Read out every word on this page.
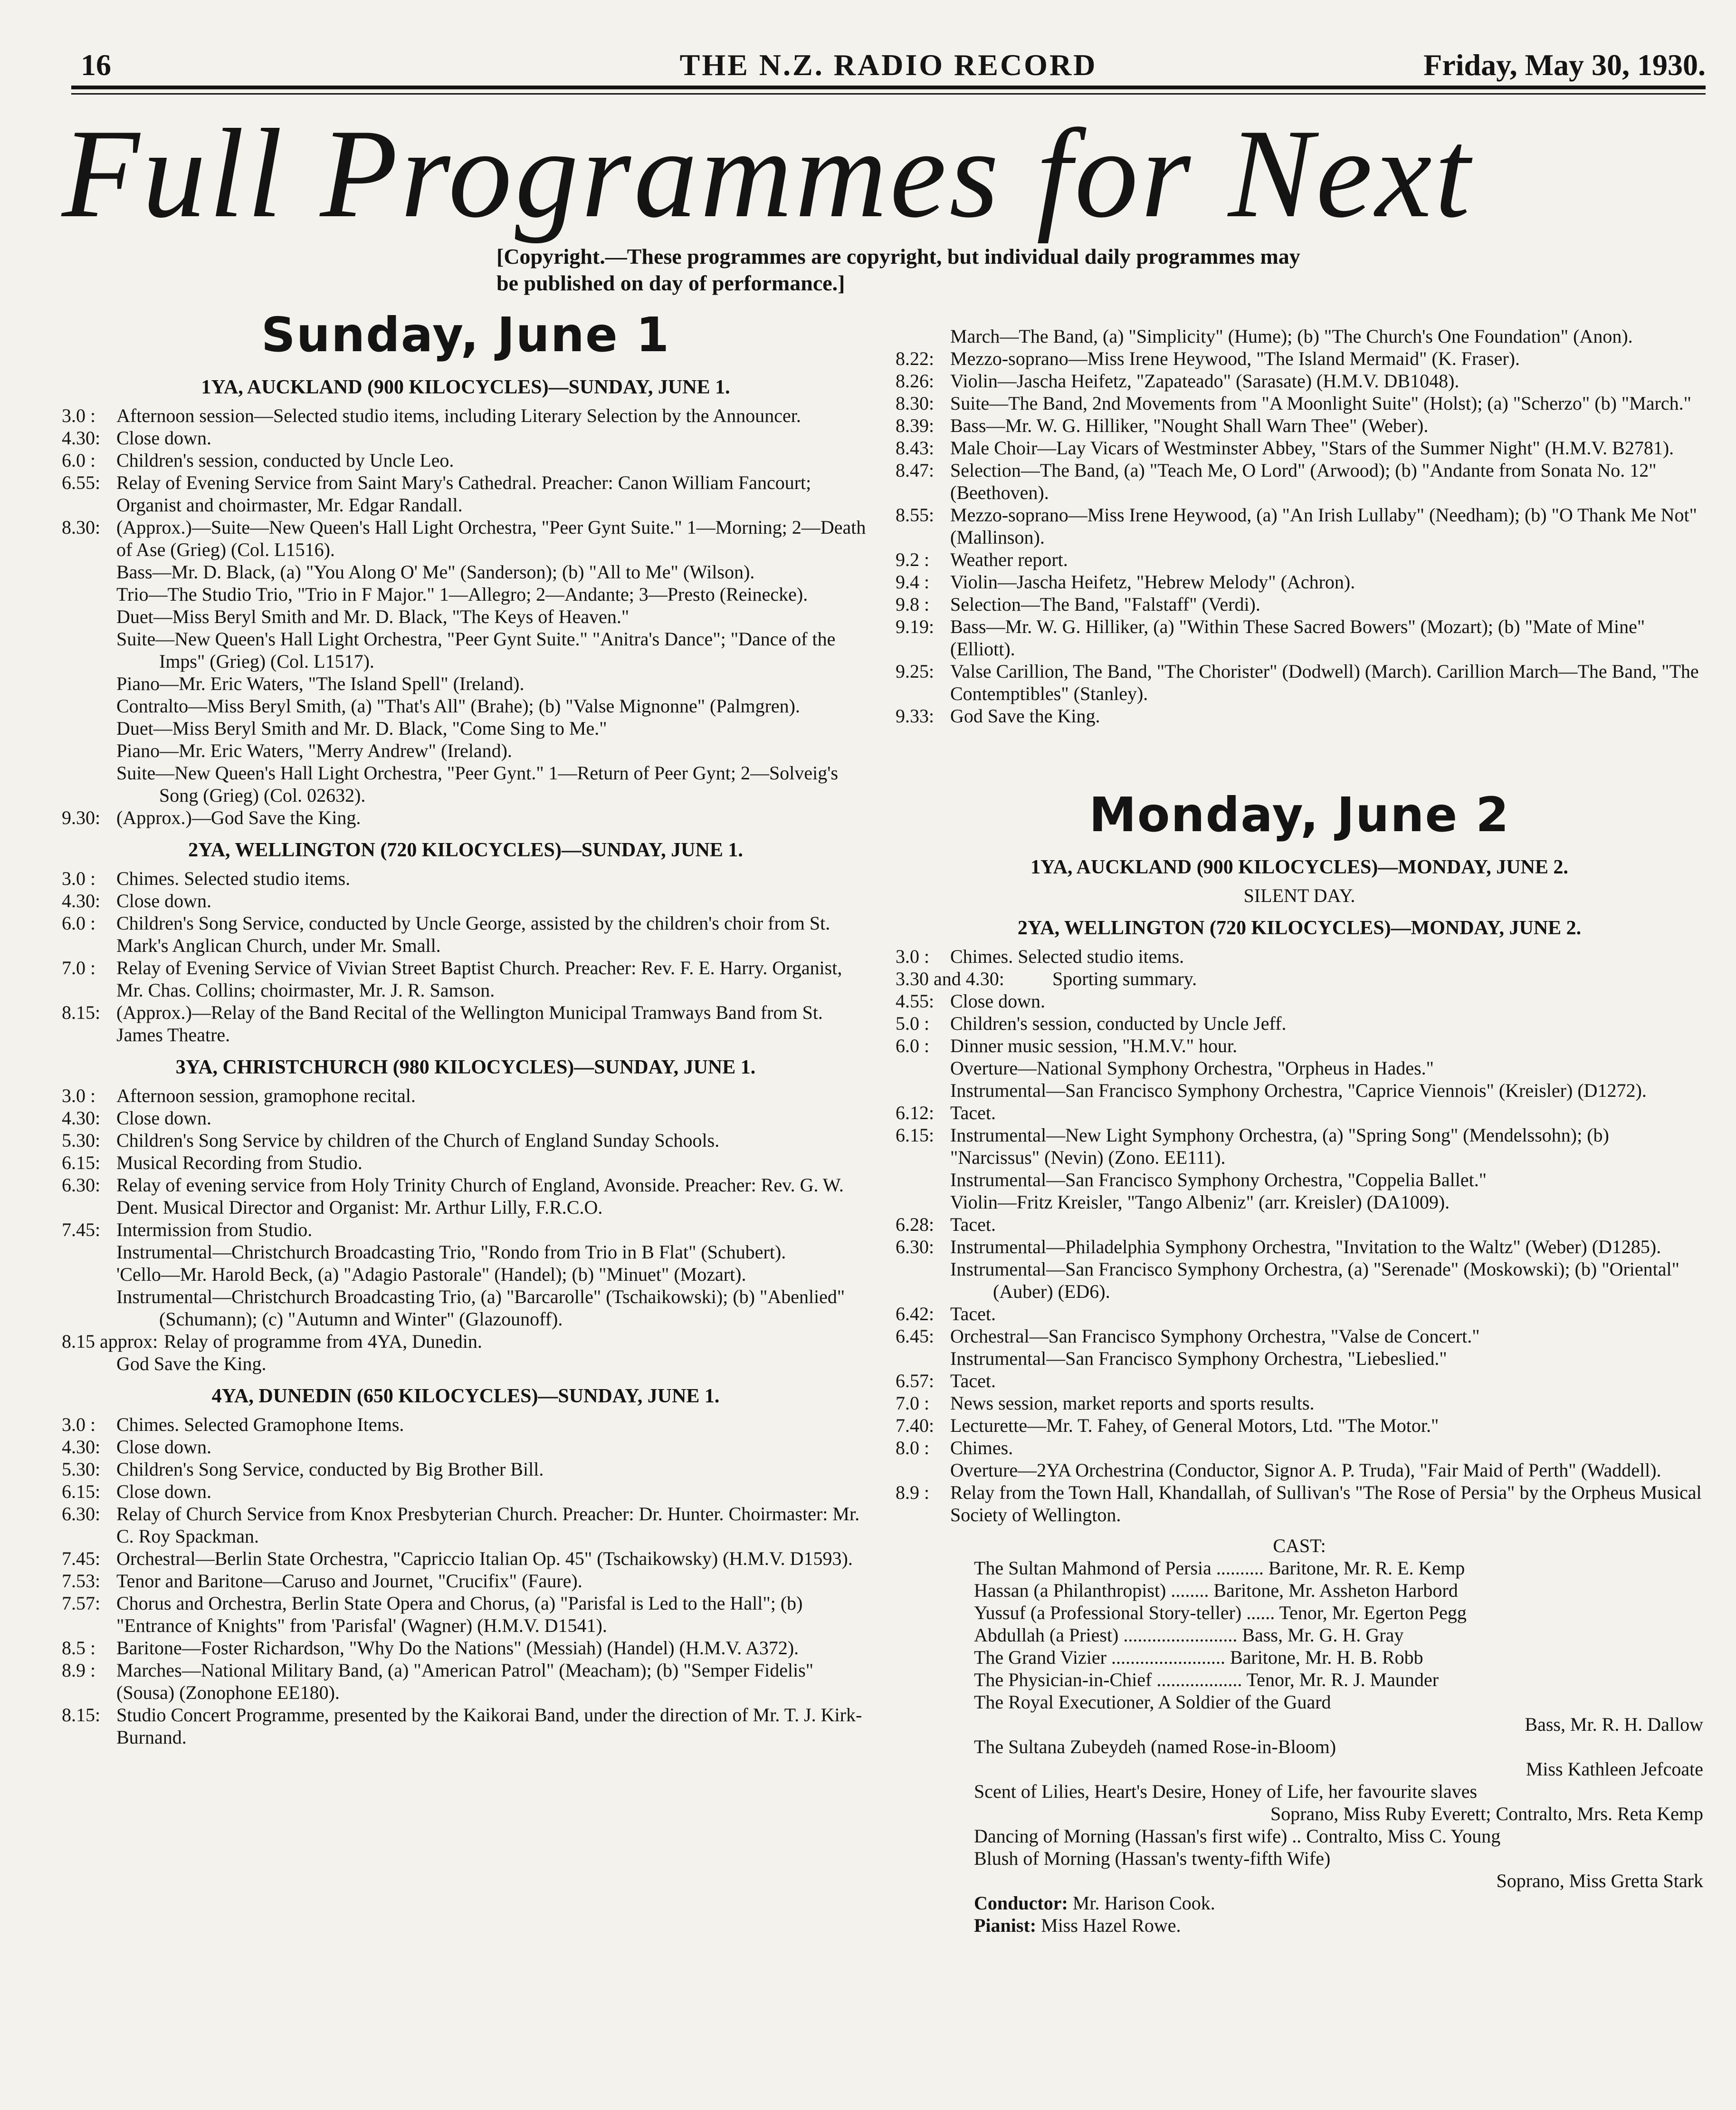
16	THE N.Z. RADIO RECORD	Friday, May 30, 1930.
Full Programmes for Next
[Copyright.—These programmes are copyright, but individual daily programmes may be published on day of performance.]
Sunday, June 1
1YA, AUCKLAND (900 KILOCYCLES)—SUNDAY, JUNE 1.
3.0 :	Afternoon session—Selected studio items, including Literary Selection by the Announcer.
4.30: Close down.
6.0 :	Children's session, conducted by Uncle Leo.
6.55: Relay of Evening Service from Saint Mary's Cathedral. Preacher: Canon William Fancourt; Organist and choirmaster, Mr. Edgar Randall.
8.30: (Approx.)—Suite—New Queen's Hall Light Orchestra, "Peer Gynt Suite." 1—Morning; 2—Death of Ase (Grieg) (Col. L1516).
Bass—Mr. D. Black, (a) "You Along O' Me" (Sanderson); (b) "All to Me" (Wilson).
Trio—The Studio Trio, "Trio in F Major." 1—Allegro; 2—Andante; 3—Presto (Reinecke).
Duet—Miss Beryl Smith and Mr. D. Black, "The Keys of Heaven."
Suite—New Queen's Hall Light Orchestra, "Peer Gynt Suite." "Anitra's Dance"; "Dance of the Imps" (Grieg) (Col. L1517).
Piano—Mr. Eric Waters, "The Island Spell" (Ireland).
Contralto—Miss Beryl Smith, (a) "That's All" (Brahe); (b) "Valse Mignonne" (Palmgren).
Duet—Miss Beryl Smith and Mr. D. Black, "Come Sing to Me."
Piano—Mr. Eric Waters, "Merry Andrew" (Ireland).
Suite—New Queen's Hall Light Orchestra, "Peer Gynt." 1—Return of Peer Gynt; 2—Solveig's Song (Grieg) (Col. 02632).
9.30: (Approx.)—God Save the King.
2YA, WELLINGTON (720 KILOCYCLES)—SUNDAY, JUNE 1.
3.0 :	Chimes. Selected studio items.
4.30: Close down.
6.0 :	Children's Song Service, conducted by Uncle George, assisted by the children's choir from St. Mark's Anglican Church, under Mr. Small.
7.0 :	Relay of Evening Service of Vivian Street Baptist Church. Preacher: Rev. F. E. Harry. Organist, Mr. Chas. Collins; choirmaster, Mr. J. R. Samson.
8.15: (Approx.)—Relay of the Band Recital of the Wellington Municipal Tramways Band from St. James Theatre.
3YA, CHRISTCHURCH (980 KILOCYCLES)—SUNDAY, JUNE 1.
3.0 :	Afternoon session, gramophone recital.
4.30: Close down.
5.30: Children's Song Service by children of the Church of England Sunday Schools.
6.15: Musical Recording from Studio.
6.30: Relay of evening service from Holy Trinity Church of England, Avonside. Preacher: Rev. G. W. Dent. Musical Director and Organist: Mr. Arthur Lilly, F.R.C.O.
7.45: Intermission from Studio.
Instrumental—Christchurch Broadcasting Trio, "Rondo from Trio in B Flat" (Schubert).
'Cello—Mr. Harold Beck, (a) "Adagio Pastorale" (Handel); (b) "Minuet" (Mozart).
Instrumental—Christchurch Broadcasting Trio, (a) "Barcarolle" (Tschaikowski); (b) "Abenlied" (Schumann); (c) "Autumn and Winter" (Glazounoff).
8.15 approx: Relay of programme from 4YA, Dunedin.
God Save the King.
4YA, DUNEDIN (650 KILOCYCLES)—SUNDAY, JUNE 1.
3.0 :	Chimes. Selected Gramophone Items.
4.30: Close down.
5.30: Children's Song Service, conducted by Big Brother Bill.
6.15: Close down.
6.30: Relay of Church Service from Knox Presbyterian Church. Preacher: Dr. Hunter. Choirmaster: Mr. C. Roy Spackman.
7.45: Orchestral—Berlin State Orchestra, "Capriccio Italian Op. 45" (Tschaikowsky) (H.M.V. D1593).
7.53: Tenor and Baritone—Caruso and Journet, "Crucifix" (Faure).
7.57: Chorus and Orchestra, Berlin State Opera and Chorus, (a) "Parisfal is Led to the Hall"; (b) "Entrance of Knights" from 'Parisfal' (Wagner) (H.M.V. D1541).
8.5 :	Baritone—Foster Richardson, "Why Do the Nations" (Messiah) (Handel) (H.M.V. A372).
8.9 :	Marches—National Military Band, (a) "American Patrol" (Meacham); (b) "Semper Fidelis" (Sousa) (Zonophone EE180).
8.15: Studio Concert Programme, presented by the Kaikorai Band, under the direction of Mr. T. J. Kirk-Burnand.
March—The Band, (a) "Simplicity" (Hume); (b) "The Church's One Foundation" (Anon).
8.22: Mezzo-soprano—Miss Irene Heywood, "The Island Mermaid" (K. Fraser).
8.26: Violin—Jascha Heifetz, "Zapateado" (Sarasate) (H.M.V. DB1048).
8.30: Suite—The Band, 2nd Movements from "A Moonlight Suite" (Holst); (a) "Scherzo" (b) "March."
8.39: Bass—Mr. W. G. Hilliker, "Nought Shall Warn Thee" (Weber).
8.43: Male Choir—Lay Vicars of Westminster Abbey, "Stars of the Summer Night" (H.M.V. B2781).
8.47: Selection—The Band, (a) "Teach Me, O Lord" (Arwood); (b) "Andante from Sonata No. 12" (Beethoven).
8.55: Mezzo-soprano—Miss Irene Heywood, (a) "An Irish Lullaby" (Needham); (b) "O Thank Me Not" (Mallinson).
9.2 :	Weather report.
9.4 :	Violin—Jascha Heifetz, "Hebrew Melody" (Achron).
9.8 :	Selection—The Band, "Falstaff" (Verdi).
9.19: Bass—Mr. W. G. Hilliker, (a) "Within These Sacred Bowers" (Mozart); (b) "Mate of Mine" (Elliott).
9.25: Valse Carillion, The Band, "The Chorister" (Dodwell) (March). Carillion March—The Band, "The Contemptibles" (Stanley).
9.33: God Save the King.
Monday, June 2
1YA, AUCKLAND (900 KILOCYCLES)—MONDAY, JUNE 2.
SILENT DAY.
2YA, WELLINGTON (720 KILOCYCLES)—MONDAY, JUNE 2.
3.0 :	Chimes. Selected studio items.
3.30 and 4.30:	Sporting summary.
4.55: Close down.
5.0 :	Children's session, conducted by Uncle Jeff.
6.0 :	Dinner music session, "H.M.V." hour.
Overture—National Symphony Orchestra, "Orpheus in Hades."
Instrumental—San Francisco Symphony Orchestra, "Caprice Viennois" (Kreisler) (D1272).
6.12: Tacet.
6.15: Instrumental—New Light Symphony Orchestra, (a) "Spring Song" (Mendelssohn); (b) "Narcissus" (Nevin) (Zono. EE111).
Instrumental—San Francisco Symphony Orchestra, "Coppelia Ballet."
Violin—Fritz Kreisler, "Tango Albeniz" (arr. Kreisler) (DA1009).
6.28: Tacet.
6.30: Instrumental—Philadelphia Symphony Orchestra, "Invitation to the Waltz" (Weber) (D1285).
Instrumental—San Francisco Symphony Orchestra, (a) "Serenade" (Moskowski); (b) "Oriental" (Auber) (ED6).
6.42: Tacet.
6.45: Orchestral—San Francisco Symphony Orchestra, "Valse de Concert."
Instrumental—San Francisco Symphony Orchestra, "Liebeslied."
6.57: Tacet.
7.0 :	News session, market reports and sports results.
7.40: Lecturette—Mr. T. Fahey, of General Motors, Ltd. "The Motor."
8.0 :	Chimes.
Overture—2YA Orchestrina (Conductor, Signor A. P. Truda), "Fair Maid of Perth" (Waddell).
8.9 :	Relay from the Town Hall, Khandallah, of Sullivan's "The Rose of Persia" by the Orpheus Musical Society of Wellington.
CAST:
The Sultan Mahmond of Persia .......... Baritone, Mr. R. E. Kemp
Hassan (a Philanthropist) ........ Baritone, Mr. Assheton Harbord
Yussuf (a Professional Story-teller) ...... Tenor, Mr. Egerton Pegg
Abdullah (a Priest) ........................ Bass, Mr. G. H. Gray
The Grand Vizier ........................ Baritone, Mr. H. B. Robb
The Physician-in-Chief .................. Tenor, Mr. R. J. Maunder
The Royal Executioner, A Soldier of the Guard
Bass, Mr. R. H. Dallow
The Sultana Zubeydeh (named Rose-in-Bloom)
Miss Kathleen Jefcoate
Scent of Lilies, Heart's Desire, Honey of Life, her favourite slaves
Soprano, Miss Ruby Everett; Contralto, Mrs. Reta Kemp
Dancing of Morning (Hassan's first wife) .. Contralto, Miss C. Young
Blush of Morning (Hassan's twenty-fifth Wife)
Soprano, Miss Gretta Stark
Conductor: Mr. Harison Cook.
Pianist: Miss Hazel Rowe.
